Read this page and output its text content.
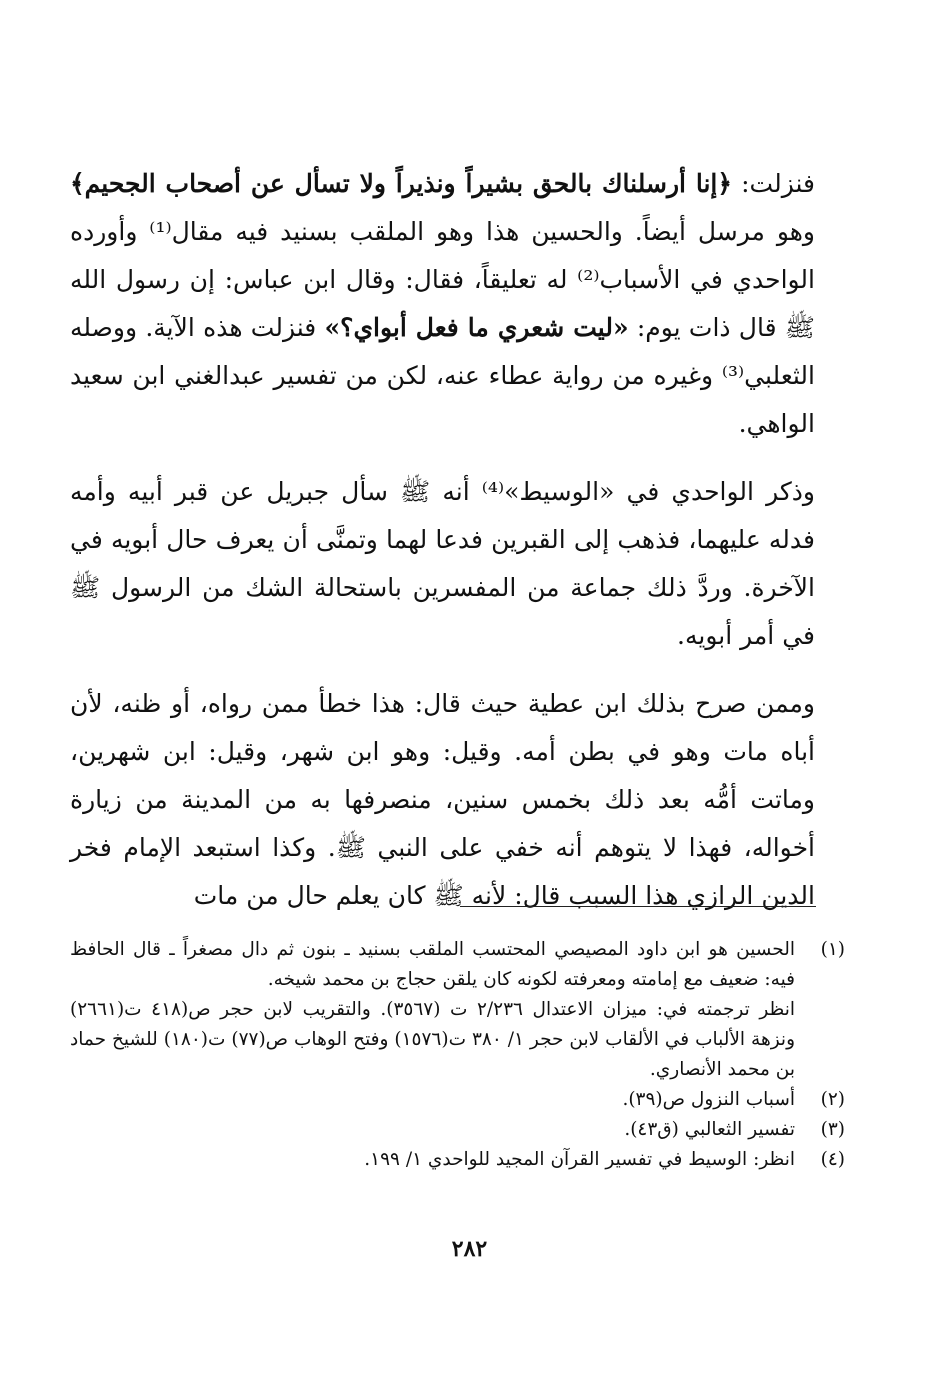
فنزلت: ﴿إنا أرسلناك بالحق بشيراً ونذيراً ولا تسأل عن أصحاب الجحيم﴾ وهو مرسل أيضاً. والحسين هذا وهو الملقب بسنيد فيه مقال⁽¹⁾ وأورده الواحدي في الأسباب⁽²⁾ له تعليقاً، فقال: وقال ابن عباس: إن رسول الله ﷺ قال ذات يوم: «ليت شعري ما فعل أبواي؟» فنزلت هذه الآية. ووصله الثعلبي⁽³⁾ وغيره من رواية عطاء عنه، لكن من تفسير عبدالغني ابن سعيد الواهي.

وذكر الواحدي في «الوسيط»⁽⁴⁾ أنه ﷺ سأل جبريل عن قبر أبيه وأمه فدله عليهما، فذهب إلى القبرين فدعا لهما وتمنَّى أن يعرف حال أبويه في الآخرة. وردَّ ذلك جماعة من المفسرين باستحالة الشك من الرسول ﷺ في أمر أبويه.

وممن صرح بذلك ابن عطية حيث قال: هذا خطأ ممن رواه، أو ظنه، لأن أباه مات وهو في بطن أمه. وقيل: وهو ابن شهر، وقيل: ابن شهرين، وماتت أمُّه بعد ذلك بخمس سنين، منصرفها به من المدينة من زيارة أخواله، فهذا لا يتوهم أنه خفي على النبي ﷺ. وكذا استبعد الإمام فخر الدين الرازي هذا السبب قال: لأنه ﷺ كان يعلم حال من مات

(١)

الحسين هو ابن داود المصيصي المحتسب الملقب بسنيد ـ بنون ثم دال مصغراً ـ قال الحافظ فيه: ضعيف مع إمامته ومعرفته لكونه كان يلقن حجاج بن محمد شيخه.

انظر ترجمته في: ميزان الاعتدال ٢/٢٣٦ ت (٣٥٦٧). والتقريب لابن حجر ص(٤١٨ ت(٢٦٦١) ونزهة الألباب في الألقاب لابن حجر ١/ ٣٨٠ ت(١٥٧٦) وفتح الوهاب ص(٧٧) ت(١٨٠) للشيخ حماد بن محمد الأنصاري.

(٢)

أسباب النزول ص(٣٩).

(٣)

تفسير الثعالبي (ق٤٣).

(٤)

انظر: الوسيط في تفسير القرآن المجيد للواحدي ١/ ١٩٩.

٢٨٢
